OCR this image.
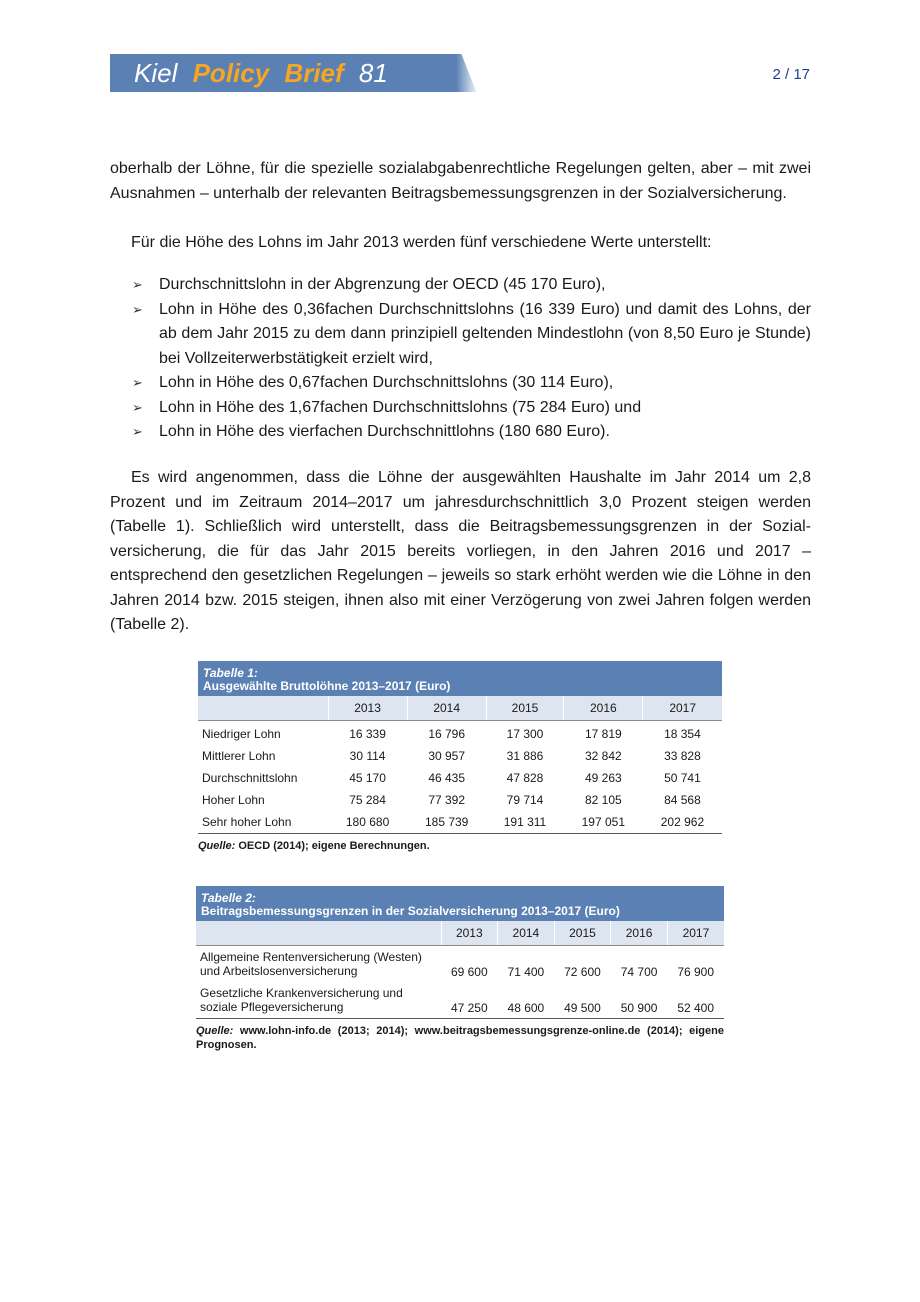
Kiel Policy Brief 81	2 / 17

oberhalb der Löhne, für die spezielle sozialabgabenrechtliche Regelungen gelten, aber – mit zwei Ausnahmen – unterhalb der relevanten Beitragsbemessungsgrenzen in der Sozialversicherung.

Für die Höhe des Lohns im Jahr 2013 werden fünf verschiedene Werte unterstellt:

➢ Durchschnittslohn in der Abgrenzung der OECD (45 170 Euro),
➢ Lohn in Höhe des 0,36fachen Durchschnittslohns (16 339 Euro) und damit des Lohns, der ab dem Jahr 2015 zu dem dann prinzipiell geltenden Mindestlohn (von 8,50 Euro je Stunde) bei Vollzeiterwerbstätigkeit erzielt wird,
➢ Lohn in Höhe des 0,67fachen Durchschnittslohns (30 114 Euro),
➢ Lohn in Höhe des 1,67fachen Durchschnittslohns (75 284 Euro) und
➢ Lohn in Höhe des vierfachen Durchschnittlohns (180 680 Euro).

Es wird angenommen, dass die Löhne der ausgewählten Haushalte im Jahr 2014 um 2,8 Prozent und im Zeitraum 2014–2017 um jahresdurchschnittlich 3,0 Prozent steigen werden (Tabelle 1). Schließlich wird unterstellt, dass die Beitragsbemessungsgrenzen in der Sozialversicherung, die für das Jahr 2015 bereits vorliegen, in den Jahren 2016 und 2017 – entsprechend den gesetzlichen Regelungen – jeweils so stark erhöht werden wie die Löhne in den Jahren 2014 bzw. 2015 steigen, ihnen also mit einer Verzögerung von zwei Jahren folgen werden (Tabelle 2).

Tabelle 1:
Ausgewählte Bruttolöhne 2013–2017 (Euro)
	2013	2014	2015	2016	2017
Niedriger Lohn	16 339	16 796	17 300	17 819	18 354
Mittlerer Lohn	30 114	30 957	31 886	32 842	33 828
Durchschnittslohn	45 170	46 435	47 828	49 263	50 741
Hoher Lohn	75 284	77 392	79 714	82 105	84 568
Sehr hoher Lohn	180 680	185 739	191 311	197 051	202 962
Quelle: OECD (2014); eigene Berechnungen.
Tabelle 2:
Beitragsbemessungsgrenzen in der Sozialversicherung 2013–2017 (Euro)
	2013	2014	2015	2016	2017
Allgemeine Rentenversicherung (Westen)
und Arbeitslosenversicherung	69 600	71 400	72 600	74 700	76 900
Gesetzliche Krankenversicherung und
soziale Pflegeversicherung	47 250	48 600	49 500	50 900	52 400
Quelle: www.lohn-info.de (2013; 2014); www.beitragsbemessungsgrenze-online.de (2014); eigene Prognosen.
